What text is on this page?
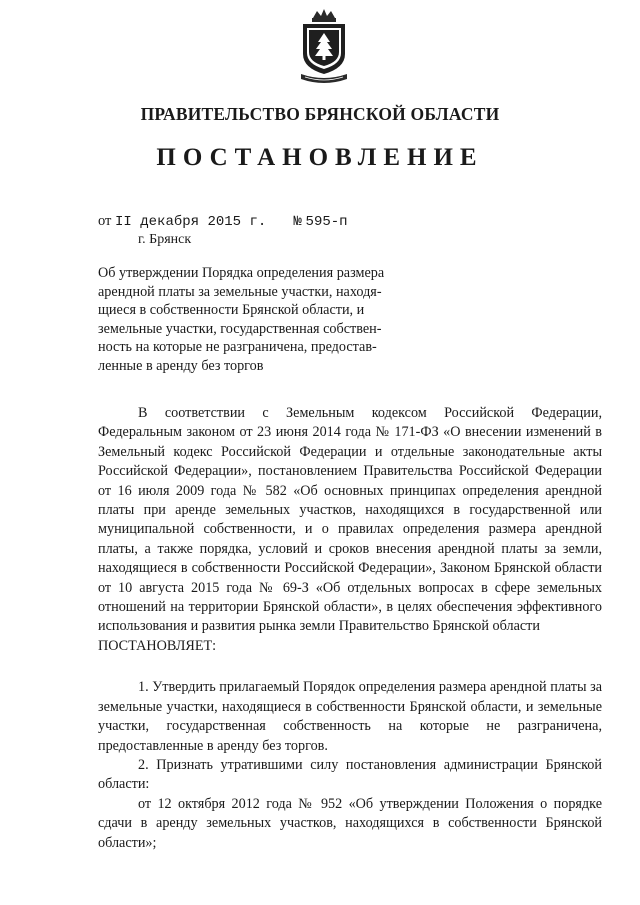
ПРАВИТЕЛЬСТВО БРЯНСКОЙ ОБЛАСТИ
ПОСТАНОВЛЕНИЕ
от II декабря 2015 г. № 595-п
г. Брянск
Об утверждении Порядка определения размера
арендной платы за земельные участки, находя-
щиеся в собственности Брянской области, и
земельные участки, государственная собствен-
ность на которые не разграничена, предостав-
ленные в аренду без торгов

В соответствии с Земельным кодексом Российской Федерации, Федеральным законом от 23 июня 2014 года № 171-ФЗ «О внесении изменений в Земельный кодекс Российской Федерации и отдельные законодательные акты Российской Федерации», постановлением Правительства Российской Федерации от 16 июля 2009 года № 582 «Об основных принципах определения арендной платы при аренде земельных участков, находящихся в государственной или муниципальной собственности, и о правилах определения размера арендной платы, а также порядка, условий и сроков внесения арендной платы за земли, находящиеся в собственности Российской Федерации», Законом Брянской области от 10 августа 2015 года № 69-З «Об отдельных вопросах в сфере земельных отношений на территории Брянской области», в целях обеспечения эффективного использования и развития рынка земли Правительство Брянской области

ПОСТАНОВЛЯЕТ:

1. Утвердить прилагаемый Порядок определения размера арендной платы за земельные участки, находящиеся в собственности Брянской области, и земельные участки, государственная собственность на которые не разграничена, предоставленные в аренду без торгов.

2. Признать утратившими силу постановления администрации Брянской области:

от 12 октября 2012 года № 952 «Об утверждении Положения о порядке сдачи в аренду земельных участков, находящихся в собственности Брянской области»;
